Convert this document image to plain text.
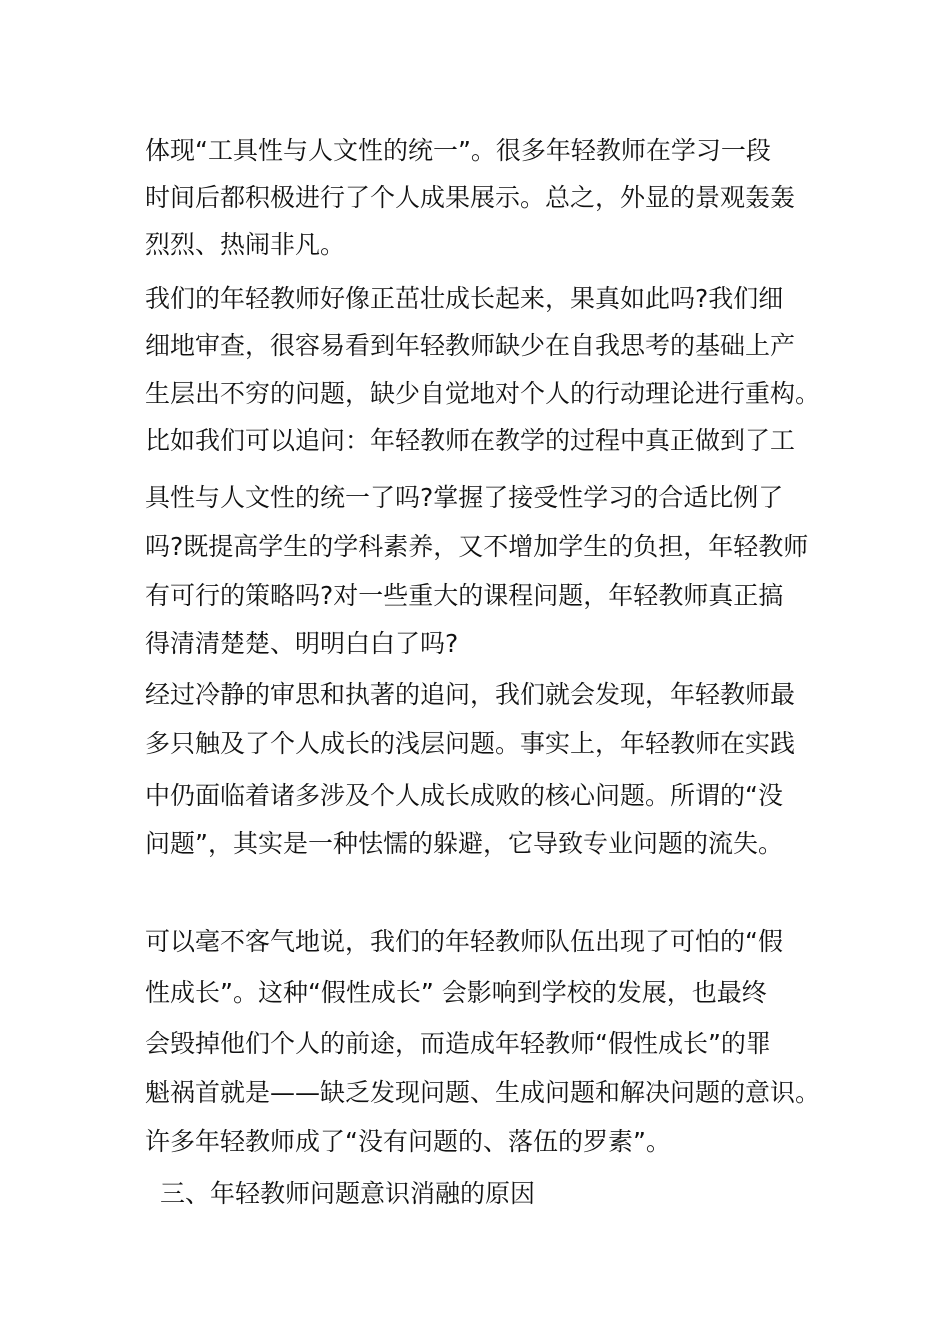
体现“工具性与人文性的统一”。很多年轻教师在学习一段
时间后都积极进行了个人成果展示。总之，外显的景观轰轰
烈烈、热闹非凡。
我们的年轻教师好像正茁壮成长起来，果真如此吗?我们细
细地审查，很容易看到年轻教师缺少在自我思考的基础上产
生层出不穷的问题，缺少自觉地对个人的行动理论进行重构。
比如我们可以追问：年轻教师在教学的过程中真正做到了工
具性与人文性的统一了吗?掌握了接受性学习的合适比例了
吗?既提高学生的学科素养，又不增加学生的负担，年轻教师
有可行的策略吗?对一些重大的课程问题，年轻教师真正搞
得清清楚楚、明明白白了吗?
经过冷静的审思和执著的追问，我们就会发现，年轻教师最
多只触及了个人成长的浅层问题。事实上，年轻教师在实践
中仍面临着诸多涉及个人成长成败的核心问题。所谓的“没
问题”，其实是一种怯懦的躲避，它导致专业问题的流失。
可以毫不客气地说，我们的年轻教师队伍出现了可怕的“假
性成长”。这种“假性成长” 会影响到学校的发展，也最终
会毁掉他们个人的前途，而造成年轻教师“假性成长”的罪
魁祸首就是——缺乏发现问题、生成问题和解决问题的意识。
许多年轻教师成了“没有问题的、落伍的罗素”。
三、年轻教师问题意识消融的原因
